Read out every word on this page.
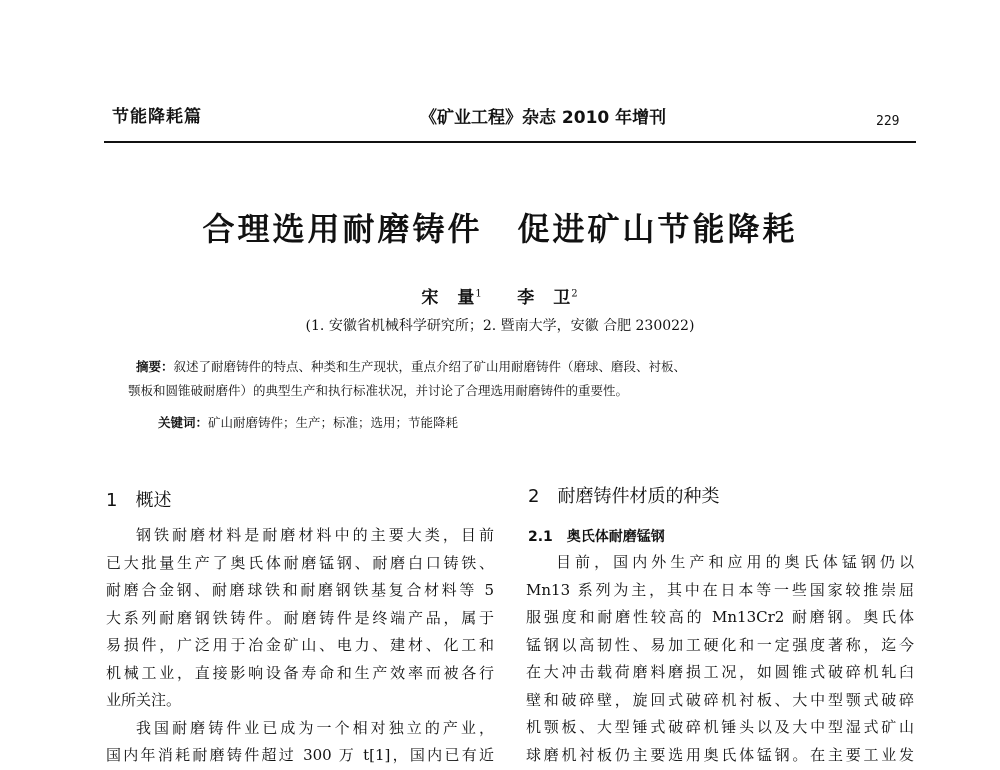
节能降耗篇	《矿业工程》杂志 2010 年增刊	229
合理选用耐磨铸件　促进矿山节能降耗
宋　量$^1$ 李　卫$^2$
(1. 安徽省机械科学研究所；2. 暨南大学，安徽 合肥 230022)
摘要：叙述了耐磨铸件的特点、种类和生产现状，重点介绍了矿山用耐磨铸件（磨球、磨段、衬板、
颚板和圆锥破耐磨件）的典型生产和执行标准状况，并讨论了合理选用耐磨铸件的重要性。
关键词：矿山耐磨铸件；生产；标准；选用；节能降耗
1　概述
钢铁耐磨材料是耐磨材料中的主要大类，目前
已大批量生产了奥氏体耐磨锰钢、耐磨白口铸铁、
耐磨合金钢、耐磨球铁和耐磨钢铁基复合材料等 5
大系列耐磨钢铁铸件。耐磨铸件是终端产品，属于
易损件，广泛用于冶金矿山、电力、建材、化工和
机械工业，直接影响设备寿命和生产效率而被各行
业所关注。
我国耐磨铸件业已成为一个相对独立的产业，
国内年消耗耐磨铸件超过 300 万 t[1]，国内已有近
2　耐磨铸件材质的种类
2.1　奥氏体耐磨锰钢
目前，国内外生产和应用的奥氏体锰钢仍以
Mn13 系列为主，其中在日本等一些国家较推崇屈
服强度和耐磨性较高的 Mn13Cr2 耐磨钢。奥氏体
锰钢以高韧性、易加工硬化和一定强度著称，迄今
在大冲击载荷磨料磨损工况，如圆锥式破碎机轧臼
壁和破碎壁，旋回式破碎机衬板、大中型颚式破碎
机颚板、大型锤式破碎机锤头以及大中型湿式矿山
球磨机衬板仍主要选用奥氏体锰钢。在主要工业发
